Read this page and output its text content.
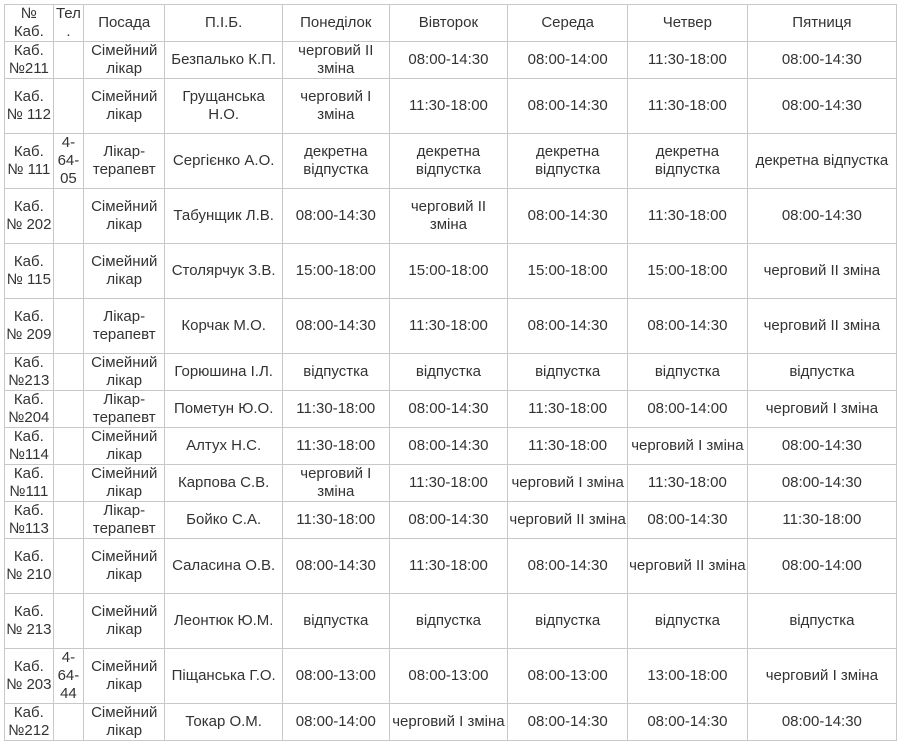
№ Каб.	Тел.	Посада	П.І.Б.	Понеділок	Вівторок	Середа	Четвер	Пятниця
Каб. №211		Сімейний лікар	Безпалько К.П.	черговий ІІ зміна	08:00-14:30	08:00-14:00	11:30-18:00	08:00-14:30
Каб. № 112		Сімейний лікар	Грущанська Н.О.	черговий І зміна	11:30-18:00	08:00-14:30	11:30-18:00	08:00-14:30
Каб. № 111	4-64-05	Лікар-терапевт	Сергієнко А.О.	декретна відпустка	декретна відпустка	декретна відпустка	декретна відпустка	декретна відпустка
Каб. № 202		Сімейний лікар	Табунщик Л.В.	08:00-14:30	черговий ІІ зміна	08:00-14:30	11:30-18:00	08:00-14:30
Каб. № 115		Сімейний лікар	Столярчук З.В.	15:00-18:00	15:00-18:00	15:00-18:00	15:00-18:00	черговий ІІ зміна
Каб. № 209		Лікар-терапевт	Корчак М.О.	08:00-14:30	11:30-18:00	08:00-14:30	08:00-14:30	черговий ІІ зміна
Каб. №213		Сімейний лікар	Горюшина І.Л.	відпустка	відпустка	відпустка	відпустка	відпустка
Каб. №204		Лікар-терапевт	Пометун Ю.О.	11:30-18:00	08:00-14:30	11:30-18:00	08:00-14:00	черговий І зміна
Каб. №114		Сімейний лікар	Алтух Н.С.	11:30-18:00	08:00-14:30	11:30-18:00	черговий І зміна	08:00-14:30
Каб. №111		Сімейний лікар	Карпова С.В.	черговий І зміна	11:30-18:00	черговий І зміна	11:30-18:00	08:00-14:30
Каб. №113		Лікар-терапевт	Бойко С.А.	11:30-18:00	08:00-14:30	черговий ІІ зміна	08:00-14:30	11:30-18:00
Каб. № 210		Сімейний лікар	Саласина О.В.	08:00-14:30	11:30-18:00	08:00-14:30	черговий ІІ зміна	08:00-14:00
Каб. № 213		Сімейний лікар	Леонтюк Ю.М.	відпустка	відпустка	відпустка	відпустка	відпустка
Каб. № 203	4-64-44	Сімейний лікар	Піщанська Г.О.	08:00-13:00	08:00-13:00	08:00-13:00	13:00-18:00	черговий І зміна
Каб. №212		Сімейний лікар	Токар О.М.	08:00-14:00	черговий І зміна	08:00-14:30	08:00-14:30	08:00-14:30
